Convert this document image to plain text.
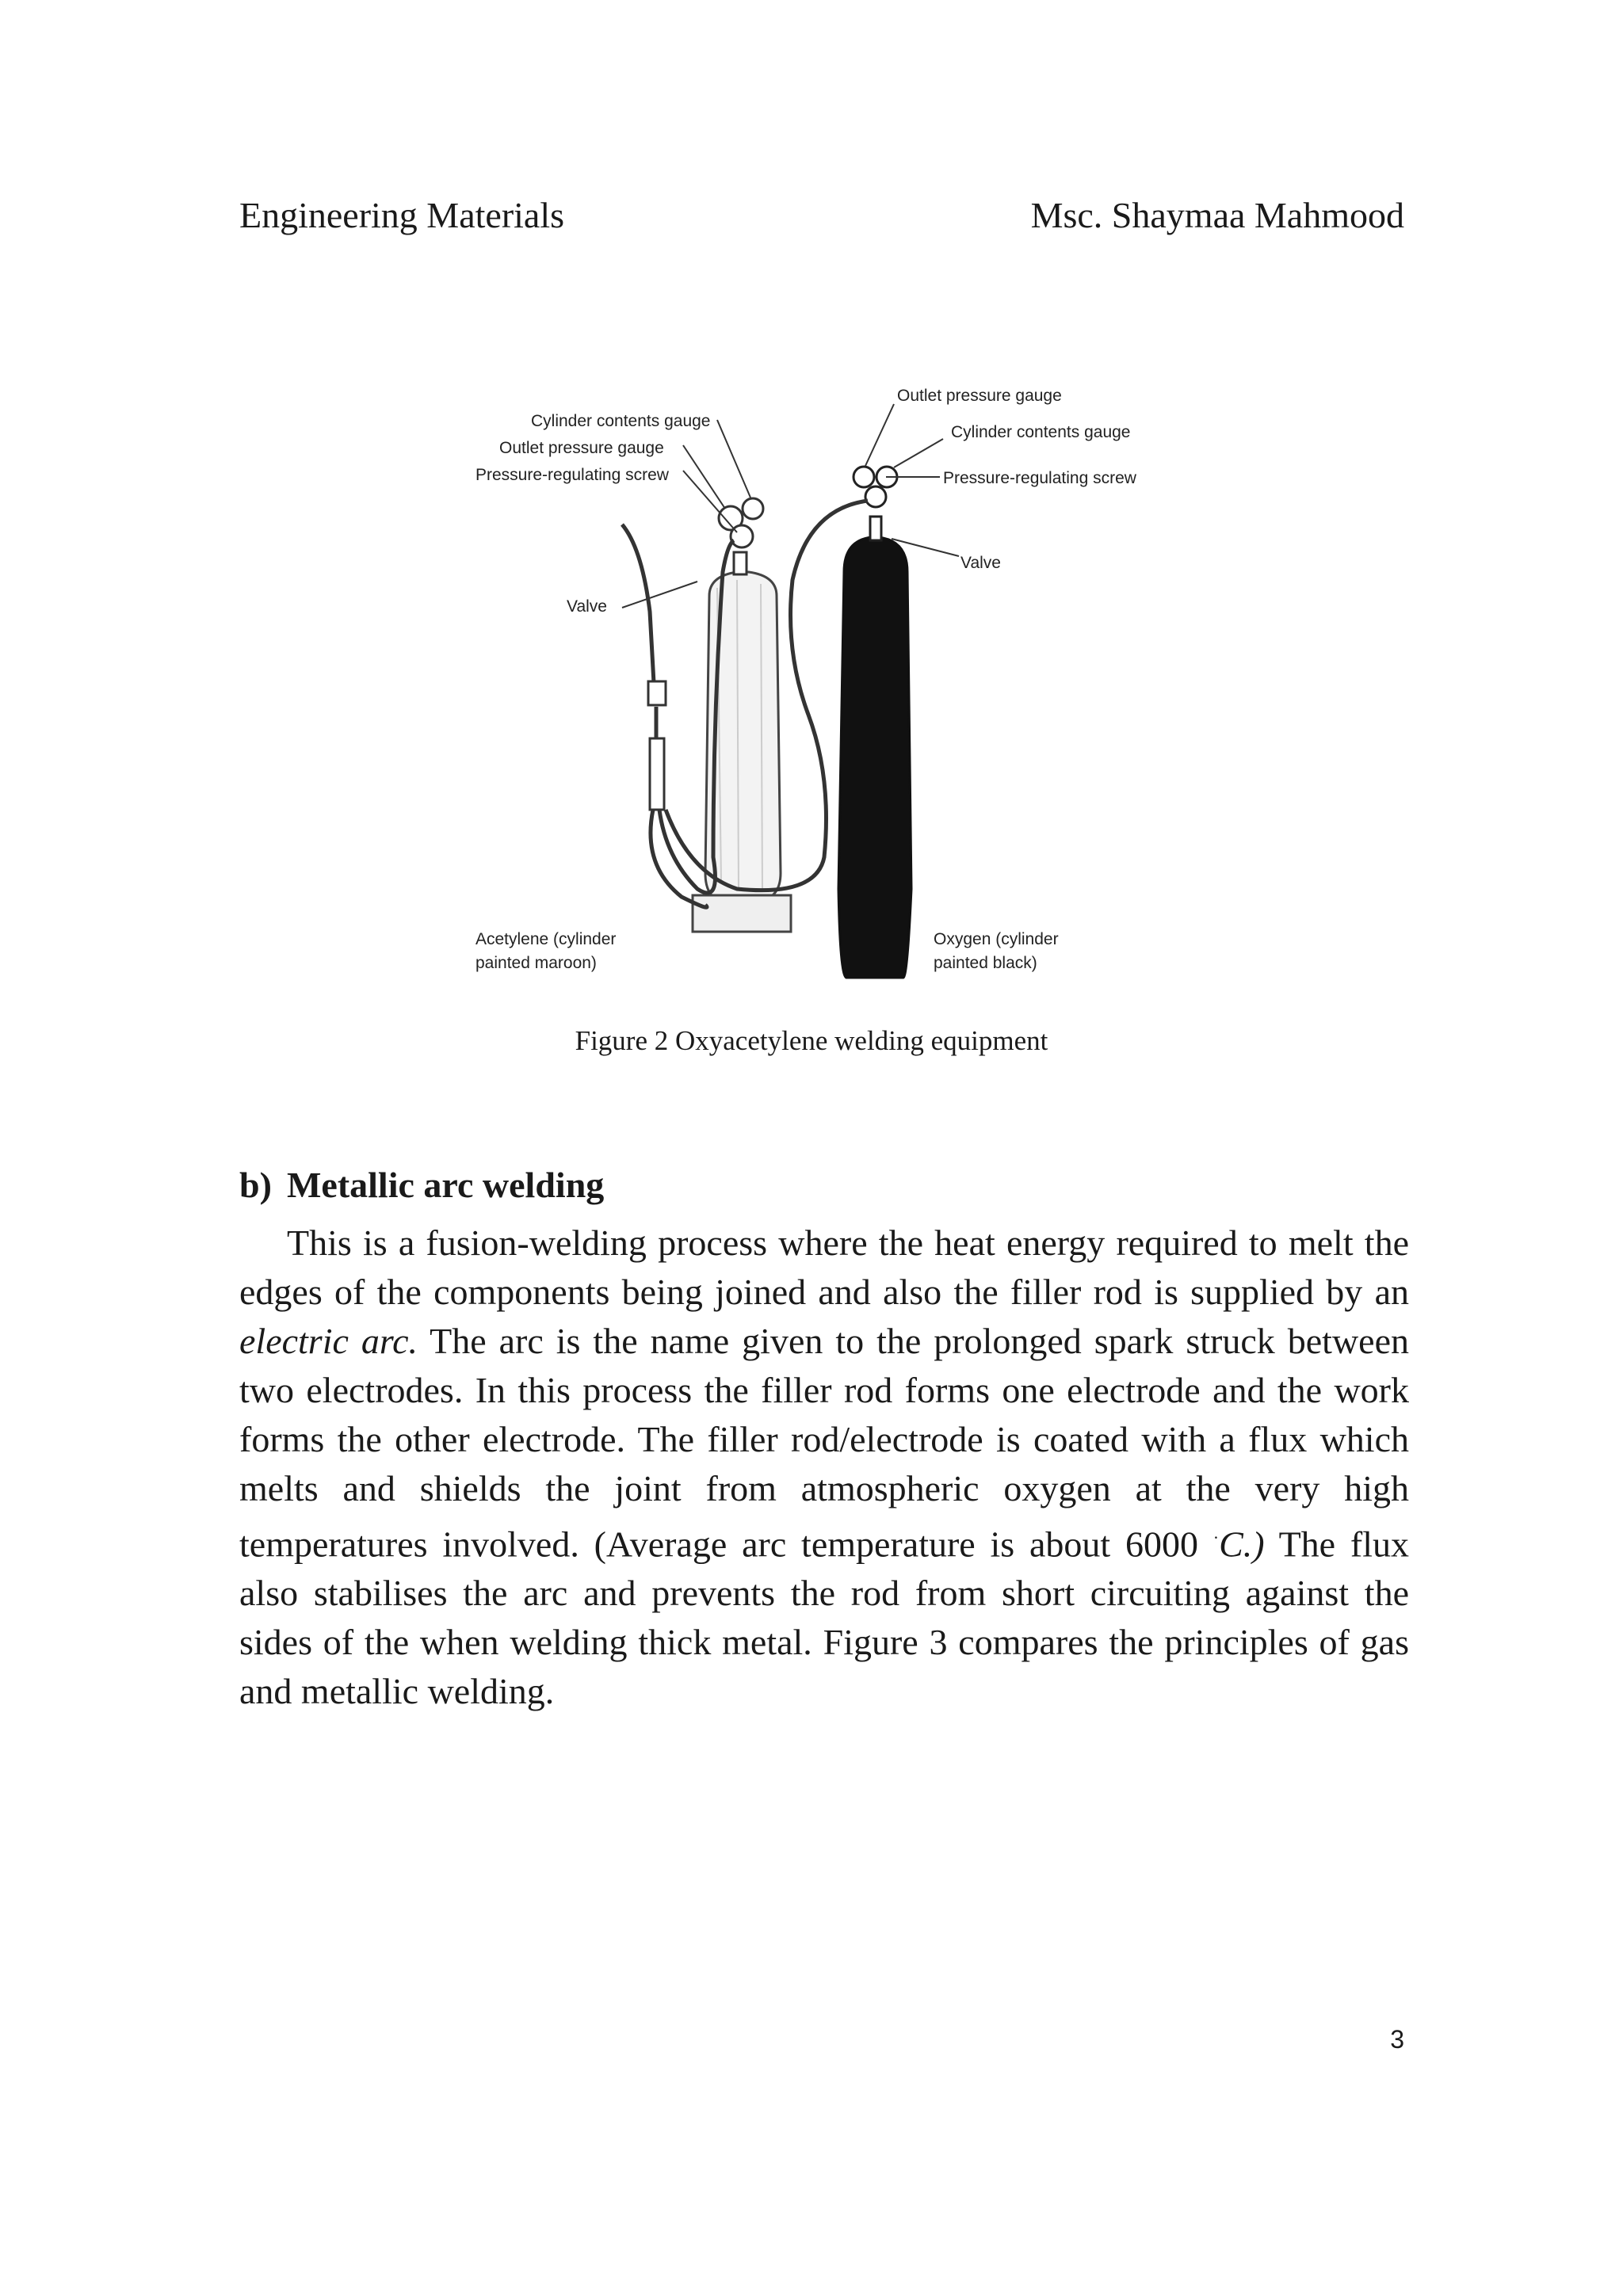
Engineering Materials	Msc. Shaymaa Mahmood
Cylinder contents gauge
Outlet pressure gauge
Pressure-regulating screw
Valve
Outlet pressure gauge
Cylinder contents gauge
Pressure-regulating screw
Valve
Acetylene (cylinder
painted maroon)
Oxygen (cylinder
painted black)
Figure 2 Oxyacetylene welding equipment
b) Metallic arc welding
This is a fusion-welding process where the heat energy required to melt the edges of the components being joined and also the filler rod is supplied by an electric arc. The arc is the name given to the prolonged spark struck between two electrodes. In this process the filler rod forms one electrode and the work forms the other electrode. The filler rod/electrode is coated with a flux which melts and shields the joint from atmospheric oxygen at the very high temperatures involved. (Average arc temperature is about 6000 ·C.) The flux also stabilises the arc and prevents the rod from short circuiting against the sides of the when welding thick metal. Figure 3 compares the principles of gas and metallic welding.
3
